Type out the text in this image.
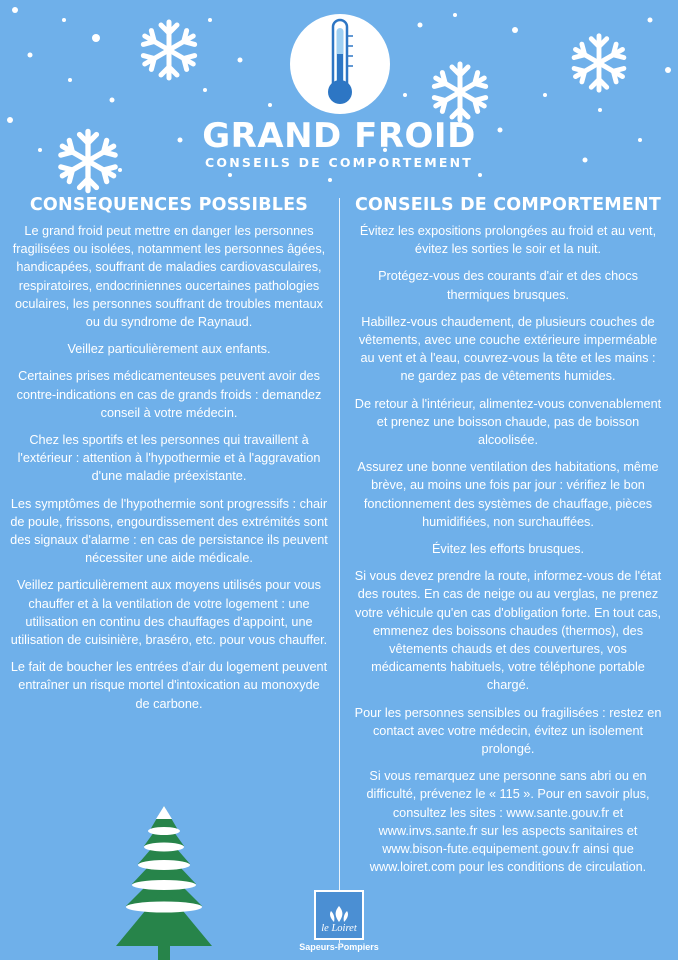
GRAND FROID
CONSEILS DE COMPORTEMENT
CONSEQUENCES POSSIBLES	CONSEILS DE COMPORTEMENT

Le grand froid peut mettre en danger les personnes fragilisées ou isolées, notamment les personnes âgées, handicapées, souffrant de maladies cardiovasculaires, respiratoires, endocriniennes oucertaines pathologies oculaires, les personnes souffrant de troubles mentaux ou du syndrome de Raynaud.

Veillez particulièrement aux enfants.

Certaines prises médicamenteuses peuvent avoir des contre-indications en cas de grands froids : demandez conseil à votre médecin.

Chez les sportifs et les personnes qui travaillent à l'extérieur : attention à l'hypothermie et à l'aggravation d'une maladie préexistante.

Les symptômes de l'hypothermie sont progressifs : chair de poule, frissons, engourdissement des extrémités sont des signaux d'alarme : en cas de persistance ils peuvent nécessiter une aide médicale.

Veillez particulièrement aux moyens utilisés pour vous chauffer et à la ventilation de votre logement : une utilisation en continu des chauffages d'appoint, une utilisation de cuisinière, braséro, etc. pour vous chauffer.

Le fait de boucher les entrées d'air du logement peuvent entraîner un risque mortel d'intoxication au monoxyde de carbone.

Évitez les expositions prolongées au froid et au vent, évitez les sorties le soir et la nuit.

Protégez-vous des courants d'air et des chocs thermiques brusques.

Habillez-vous chaudement, de plusieurs couches de vêtements, avec une couche extérieure imperméable au vent et à l'eau, couvrez-vous la tête et les mains : ne gardez pas de vêtements humides.

De retour à l'intérieur, alimentez-vous convenablement et prenez une boisson chaude, pas de boisson alcoolisée.

Assurez une bonne ventilation des habitations, même brève, au moins une fois par jour : vérifiez le bon fonctionnement des systèmes de chauffage, pièces humidifiées, non surchauffées.

Évitez les efforts brusques.

Si vous devez prendre la route, informez-vous de l'état des routes. En cas de neige ou au verglas, ne prenez votre véhicule qu'en cas d'obligation forte. En tout cas, emmenez des boissons chaudes (thermos), des vêtements chauds et des couvertures, vos médicaments habituels, votre téléphone portable chargé.

Pour les personnes sensibles ou fragilisées : restez en contact avec votre médecin, évitez un isolement prolongé.

Si vous remarquez une personne sans abri ou en difficulté, prévenez le « 115 ». Pour en savoir plus, consultez les sites : www.sante.gouv.fr et www.invs.sante.fr sur les aspects sanitaires et www.bison-fute.equipement.gouv.fr ainsi que www.loiret.com pour les conditions de circulation.

le Loiret
Sapeurs-Pompiers
